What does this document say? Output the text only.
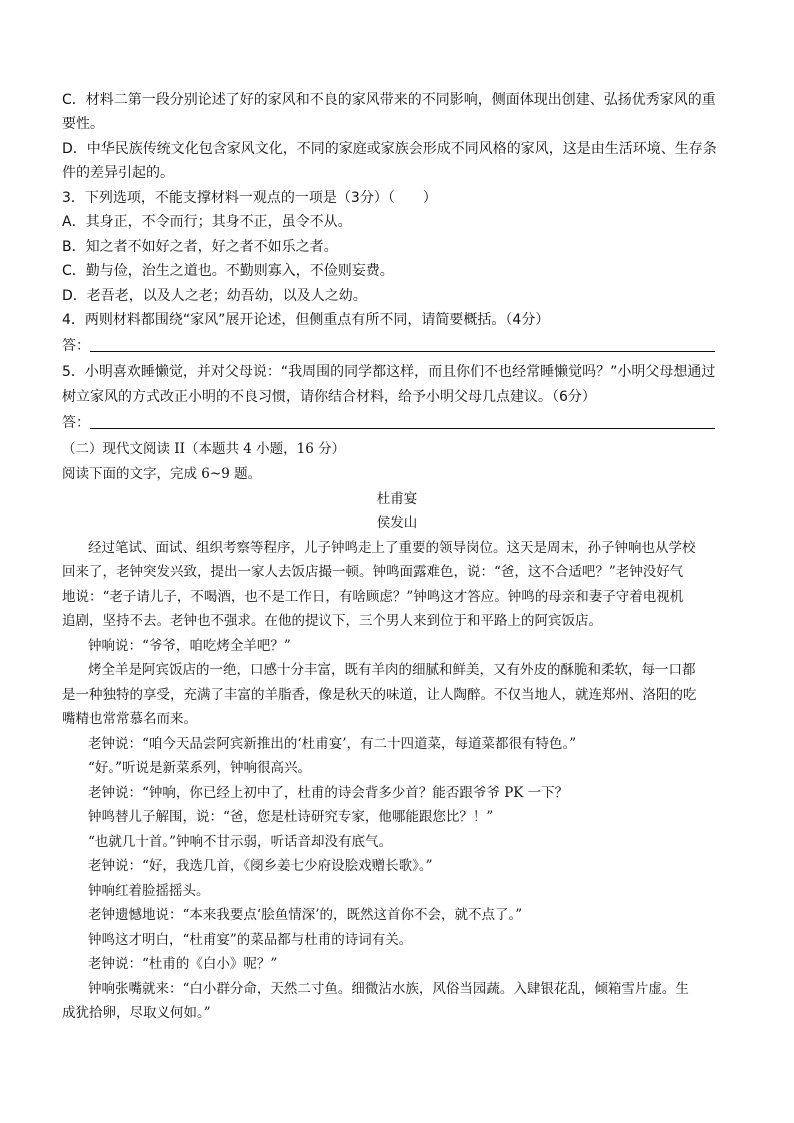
C．材料二第一段分别论述了好的家风和不良的家风带来的不同影响，侧面体现出创建、弘扬优秀家风的重
要性。
D．中华民族传统文化包含家风文化，不同的家庭或家族会形成不同风格的家风，这是由生活环境、生存条
件的差异引起的。
3．下列选项，不能支撑材料一观点的一项是（3分）（　　）
A．其身正，不令而行；其身不正，虽令不从。
B．知之者不如好之者，好之者不如乐之者。
C．勤与俭，治生之道也。不勤则寡入，不俭则妄费。
D．老吾老，以及人之老；幼吾幼，以及人之幼。
4．两则材料都围绕“家风”展开论述，但侧重点有所不同，请简要概括。（4分）
答：
5．小明喜欢睡懒觉，并对父母说：“我周围的同学都这样，而且你们不也经常睡懒觉吗？”小明父母想通过
树立家风的方式改正小明的不良习惯，请你结合材料，给予小明父母几点建议。（6分）
答：
（二）现代文阅读 II（本题共 4 小题，16 分）
阅读下面的文字，完成 6~9 题。
杜甫宴
侯发山
经过笔试、面试、组织考察等程序，儿子钟鸣走上了重要的领导岗位。这天是周末，孙子钟响也从学校
回来了，老钟突发兴致，提出一家人去饭店撮一顿。钟鸣面露难色，说：“爸，这不合适吧？”老钟没好气
地说：“老子请儿子，不喝酒，也不是工作日，有啥顾虑？”钟鸣这才答应。钟鸣的母亲和妻子守着电视机
追剧，坚持不去。老钟也不强求。在他的提议下，三个男人来到位于和平路上的阿宾饭店。
钟响说：“爷爷，咱吃烤全羊吧？”
烤全羊是阿宾饭店的一绝，口感十分丰富，既有羊肉的细腻和鲜美，又有外皮的酥脆和柔软，每一口都
是一种独特的享受，充满了丰富的羊脂香，像是秋天的味道，让人陶醉。不仅当地人，就连郑州、洛阳的吃
嘴精也常常慕名而来。
老钟说：“咱今天品尝阿宾新推出的‘杜甫宴’，有二十四道菜，每道菜都很有特色。”
“好。”听说是新菜系列，钟响很高兴。
老钟说：“钟响，你已经上初中了，杜甫的诗会背多少首？能否跟爷爷 PK 一下？
钟鸣替儿子解围，说：“爸，您是杜诗研究专家，他哪能跟您比？！”
“也就几十首。”钟响不甘示弱，听话音却没有底气。
老钟说：“好，我选几首，《阌乡姜七少府设脍戏赠长歌》。”
钟响红着脸摇摇头。
老钟遗憾地说：“本来我要点‘脍鱼情深’的，既然这首你不会，就不点了。”
钟鸣这才明白，“杜甫宴”的菜品都与杜甫的诗词有关。
老钟说：“杜甫的《白小》呢？”
钟响张嘴就来：“白小群分命，天然二寸鱼。细微沾水族，风俗当园蔬。入肆银花乱，倾箱雪片虚。生
成犹拾卵，尽取义何如。”
